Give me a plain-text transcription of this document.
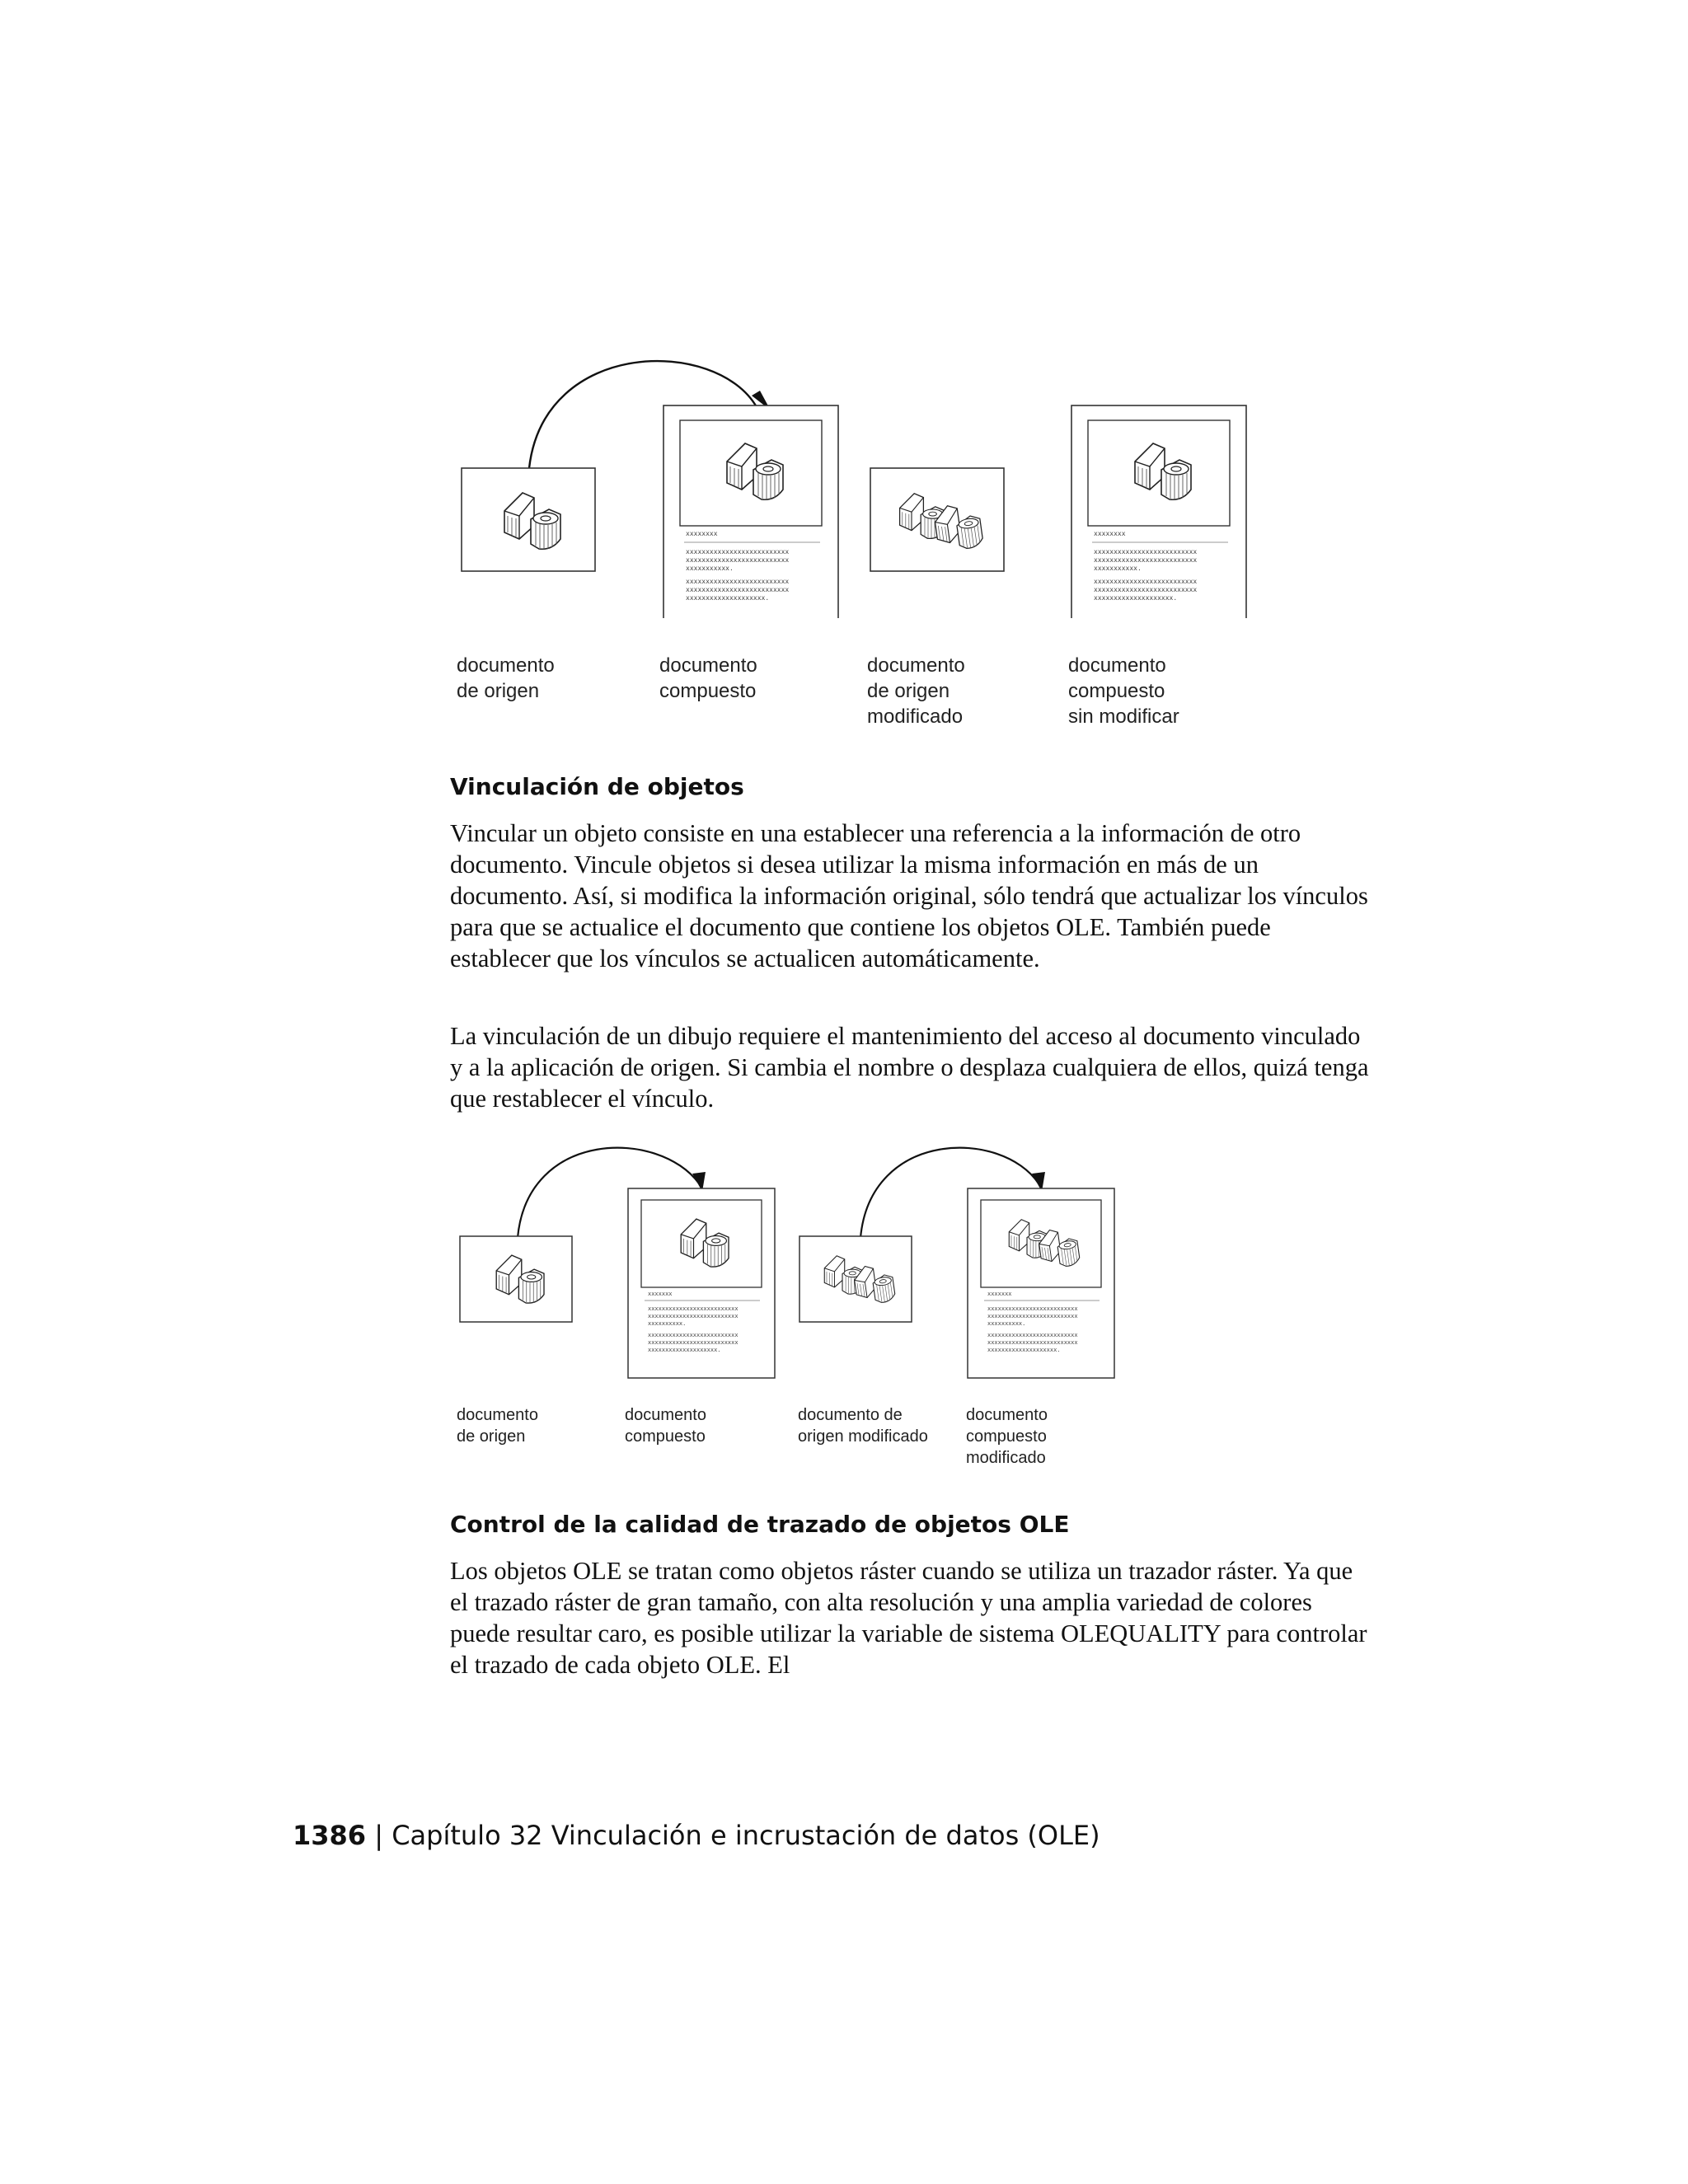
xxxxxxxx
xxxxxxxxxxxxxxxxxxxxxxxxxx
xxxxxxxxxxxxxxxxxxxxxxxxxx
xxxxxxxxxxx.
xxxxxxxxxxxxxxxxxxxxxxxxxx
xxxxxxxxxxxxxxxxxxxxxxxxxx
xxxxxxxxxxxxxxxxxxxx.
xxxxxxxx
xxxxxxxxxxxxxxxxxxxxxxxxxx
xxxxxxxxxxxxxxxxxxxxxxxxxx
xxxxxxxxxxx.
xxxxxxxxxxxxxxxxxxxxxxxxxx
xxxxxxxxxxxxxxxxxxxxxxxxxx
xxxxxxxxxxxxxxxxxxxx.
documento
de origen
documento
compuesto
documento
de origen
modificado
documento
compuesto
sin modificar
Vinculación de objetos

Vincular un objeto consiste en una establecer una referencia a la información de otro documento. Vincule objetos si desea utilizar la misma información en más de un documento. Así, si modifica la información original, sólo tendrá que actualizar los vínculos para que se actualice el documento que contiene los objetos OLE. También puede establecer que los vínculos se actualicen automáticamente.

La vinculación de un dibujo requiere el mantenimiento del acceso al documento vinculado y a la aplicación de origen. Si cambia el nombre o desplaza cualquiera de ellos, quizá tenga que restablecer el vínculo.

xxxxxxx
xxxxxxxxxxxxxxxxxxxxxxxxxx
xxxxxxxxxxxxxxxxxxxxxxxxxx
xxxxxxxxxx.
xxxxxxxxxxxxxxxxxxxxxxxxxx
xxxxxxxxxxxxxxxxxxxxxxxxxx
xxxxxxxxxxxxxxxxxxxx.
xxxxxxx
xxxxxxxxxxxxxxxxxxxxxxxxxx
xxxxxxxxxxxxxxxxxxxxxxxxxx
xxxxxxxxxx.
xxxxxxxxxxxxxxxxxxxxxxxxxx
xxxxxxxxxxxxxxxxxxxxxxxxxx
xxxxxxxxxxxxxxxxxxxx.
documento
de origen
documento
compuesto
documento de
origen modificado
documento
compuesto
modificado
Control de la calidad de trazado de objetos OLE

Los objetos OLE se tratan como objetos ráster cuando se utiliza un trazador ráster. Ya que el trazado ráster de gran tamaño, con alta resolución y una amplia variedad de colores puede resultar caro, es posible utilizar la variable de sistema OLEQUALITY para controlar el trazado de cada objeto OLE. El

1386 | Capítulo 32 Vinculación e incrustación de datos (OLE)
